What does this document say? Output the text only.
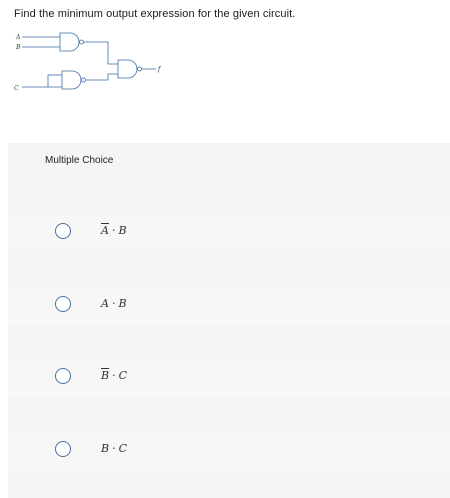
Find the minimum output expression for the given circuit.
A
B
C
f
Multiple Choice
$\overline{A} \cdot B$
A · B
$\overline{B} \cdot C$
B · C
